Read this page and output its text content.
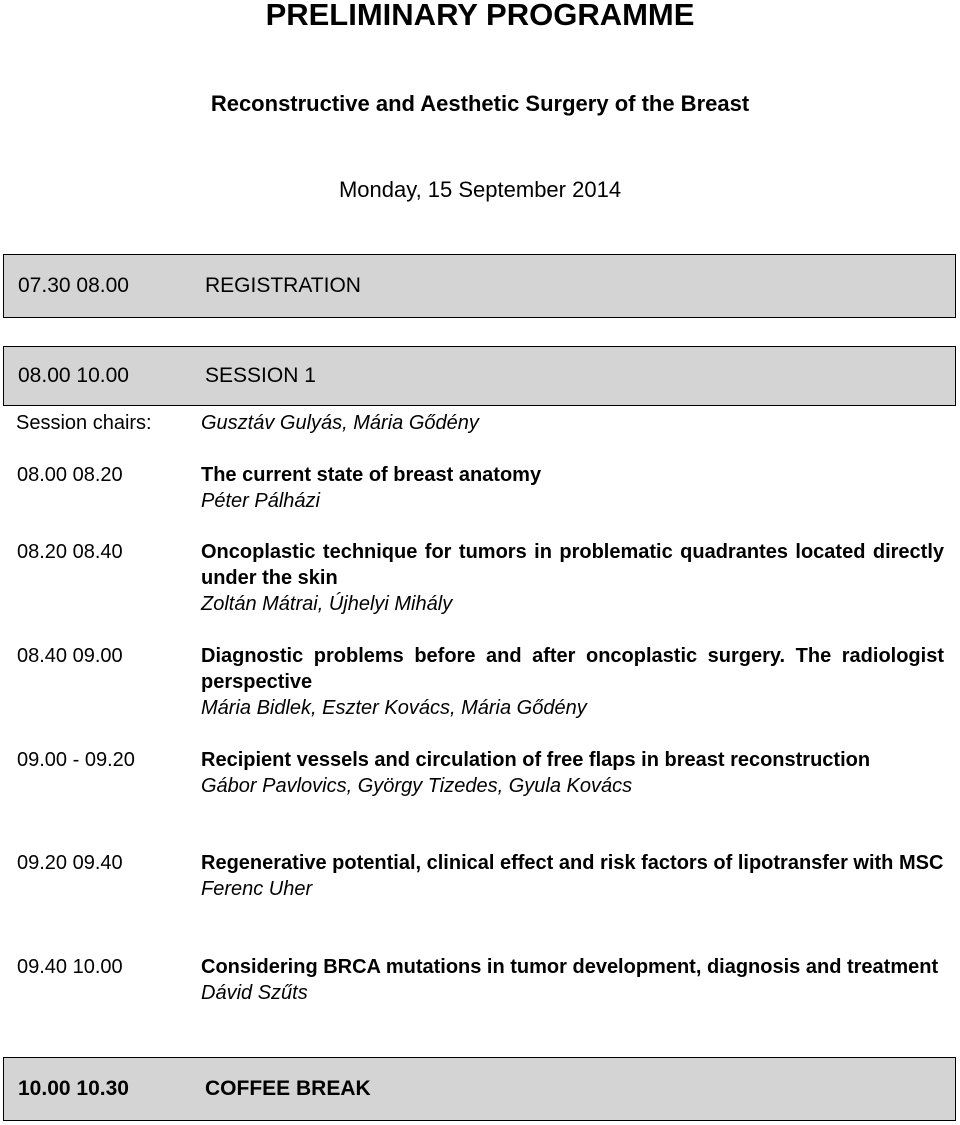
PRELIMINARY PROGRAMME
Reconstructive and Aesthetic Surgery of the Breast
Monday, 15 September 2014
07.30 08.00	REGISTRATION
08.00 10.00	SESSION 1
Session chairs: Gusztáv Gulyás, Mária Gődény
08.00 08.20	The current state of breast anatomy
Péter Pálházi
08.20 08.40	Oncoplastic technique for tumors in problematic quadrantes located directly under the skin
Zoltán Mátrai, Újhelyi Mihály
08.40 09.00	Diagnostic problems before and after oncoplastic surgery. The radiologist perspective
Mária Bidlek, Eszter Kovács, Mária Gődény
09.00 - 09.20	Recipient vessels and circulation of free flaps in breast reconstruction
Gábor Pavlovics, György Tizedes, Gyula Kovács
09.20 09.40	Regenerative potential, clinical effect and risk factors of lipotransfer with MSC
Ferenc Uher
09.40 10.00	Considering BRCA mutations in tumor development, diagnosis and treatment
Dávid Szűts
10.00 10.30	COFFEE BREAK
